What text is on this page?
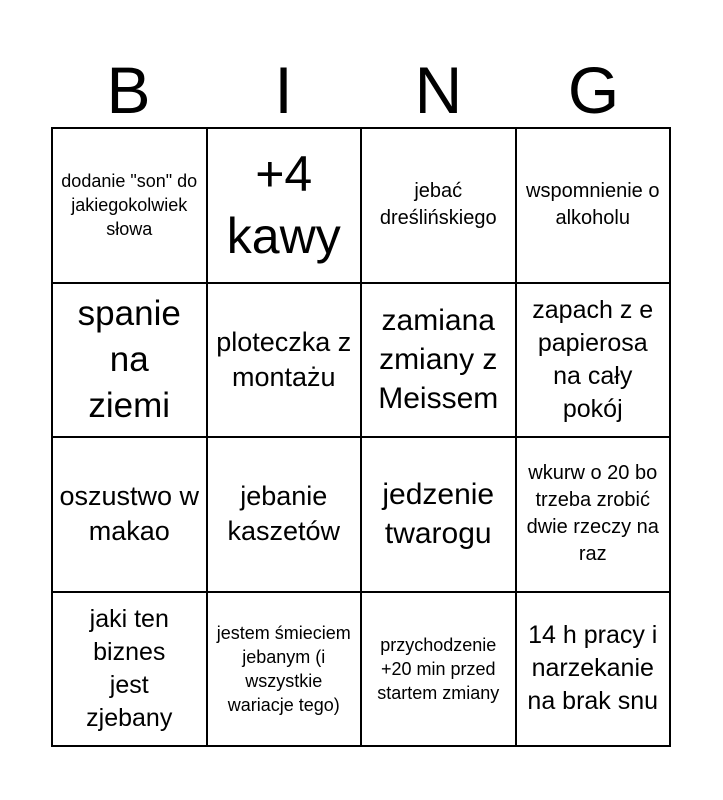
B	I	N	G
dodanie "son" do jakiegokolwiek słowa
+4 kawy
jebać dreślińskiego
wspomnienie o alkoholu
spanie na ziemi
ploteczka z montażu
zamiana zmiany z Meissem
zapach z e papierosa na cały pokój
oszustwo w makao
jebanie kaszetów
jedzenie twarogu
wkurw o 20 bo trzeba zrobić dwie rzeczy na raz
jaki ten biznes jest zjebany
jestem śmieciem jebanym (i wszystkie wariacje tego)
przychodzenie +20 min przed startem zmiany
14 h pracy i narzekanie na brak snu
